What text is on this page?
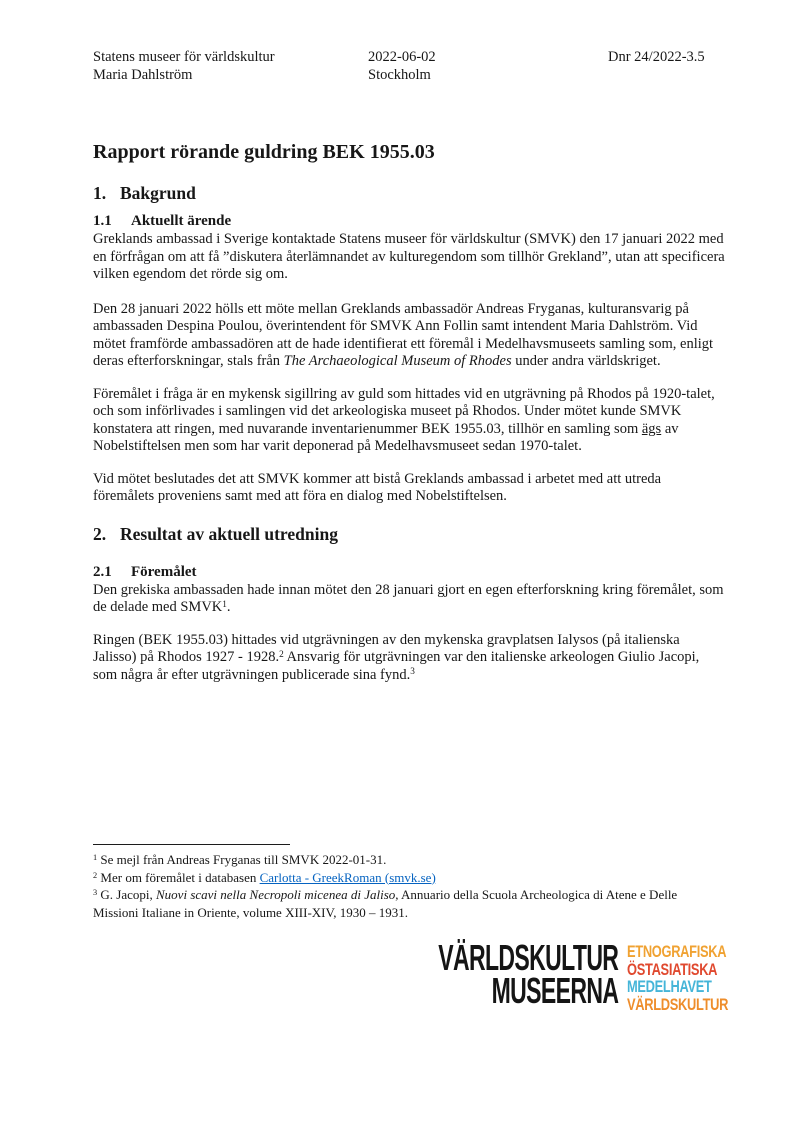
Statens museer för världskultur
Maria Dahlström
2022-06-02
Stockholm
Dnr 24/2022-3.5
Rapport rörande guldring BEK 1955.03
1. Bakgrund
1.1 Aktuellt ärende

Greklands ambassad i Sverige kontaktade Statens museer för världskultur (SMVK) den 17 januari 2022 med en förfrågan om att få ”diskutera återlämnandet av kulturegendom som tillhör Grekland”, utan att specificera vilken egendom det rörde sig om.

Den 28 januari 2022 hölls ett möte mellan Greklands ambassadör Andreas Fryganas, kulturansvarig på ambassaden Despina Poulou, överintendent för SMVK Ann Follin samt intendent Maria Dahlström. Vid mötet framförde ambassadören att de hade identifierat ett föremål i Medelhavsmuseets samling som, enligt deras efterforskningar, stals från The Archaeological Museum of Rhodes under andra världskriget.

Föremålet i fråga är en mykensk sigillring av guld som hittades vid en utgrävning på Rhodos på 1920-talet, och som införlivades i samlingen vid det arkeologiska museet på Rhodos. Under mötet kunde SMVK konstatera att ringen, med nuvarande inventarienummer BEK 1955.03, tillhör en samling som ägs av Nobelstiftelsen men som har varit deponerad på Medelhavsmuseet sedan 1970-talet.

Vid mötet beslutades det att SMVK kommer att bistå Greklands ambassad i arbetet med att utreda föremålets proveniens samt med att föra en dialog med Nobelstiftelsen.

2. Resultat av aktuell utredning
2.1 Föremålet

Den grekiska ambassaden hade innan mötet den 28 januari gjort en egen efterforskning kring föremålet, som de delade med SMVK$^1$.

Ringen (BEK 1955.03) hittades vid utgrävningen av den mykenska gravplatsen Ialysos (på italienska Jalisso) på Rhodos 1927 - 1928.$^2$ Ansvarig för utgrävningen var den italienske arkeologen Giulio Jacopi, som några år efter utgrävningen publicerade sina fynd.$^3$

$^1$ Se mejl från Andreas Fryganas till SMVK 2022-01-31.
$^2$ Mer om föremålet i databasen Carlotta - GreekRoman (smvk.se)
$^3$ G. Jacopi, Nuovi scavi nella Necropoli micenea di Jaliso, Annuario della Scuola Archeologica di Atene e Delle Missioni Italiane in Oriente, volume XIII-XIV, 1930 – 1931.
VÄRLDSKULTUR
MUSEERNA
ETNOGRAFISKA
ÖSTASIATISKA
MEDELHAVET
VÄRLDSKULTUR
